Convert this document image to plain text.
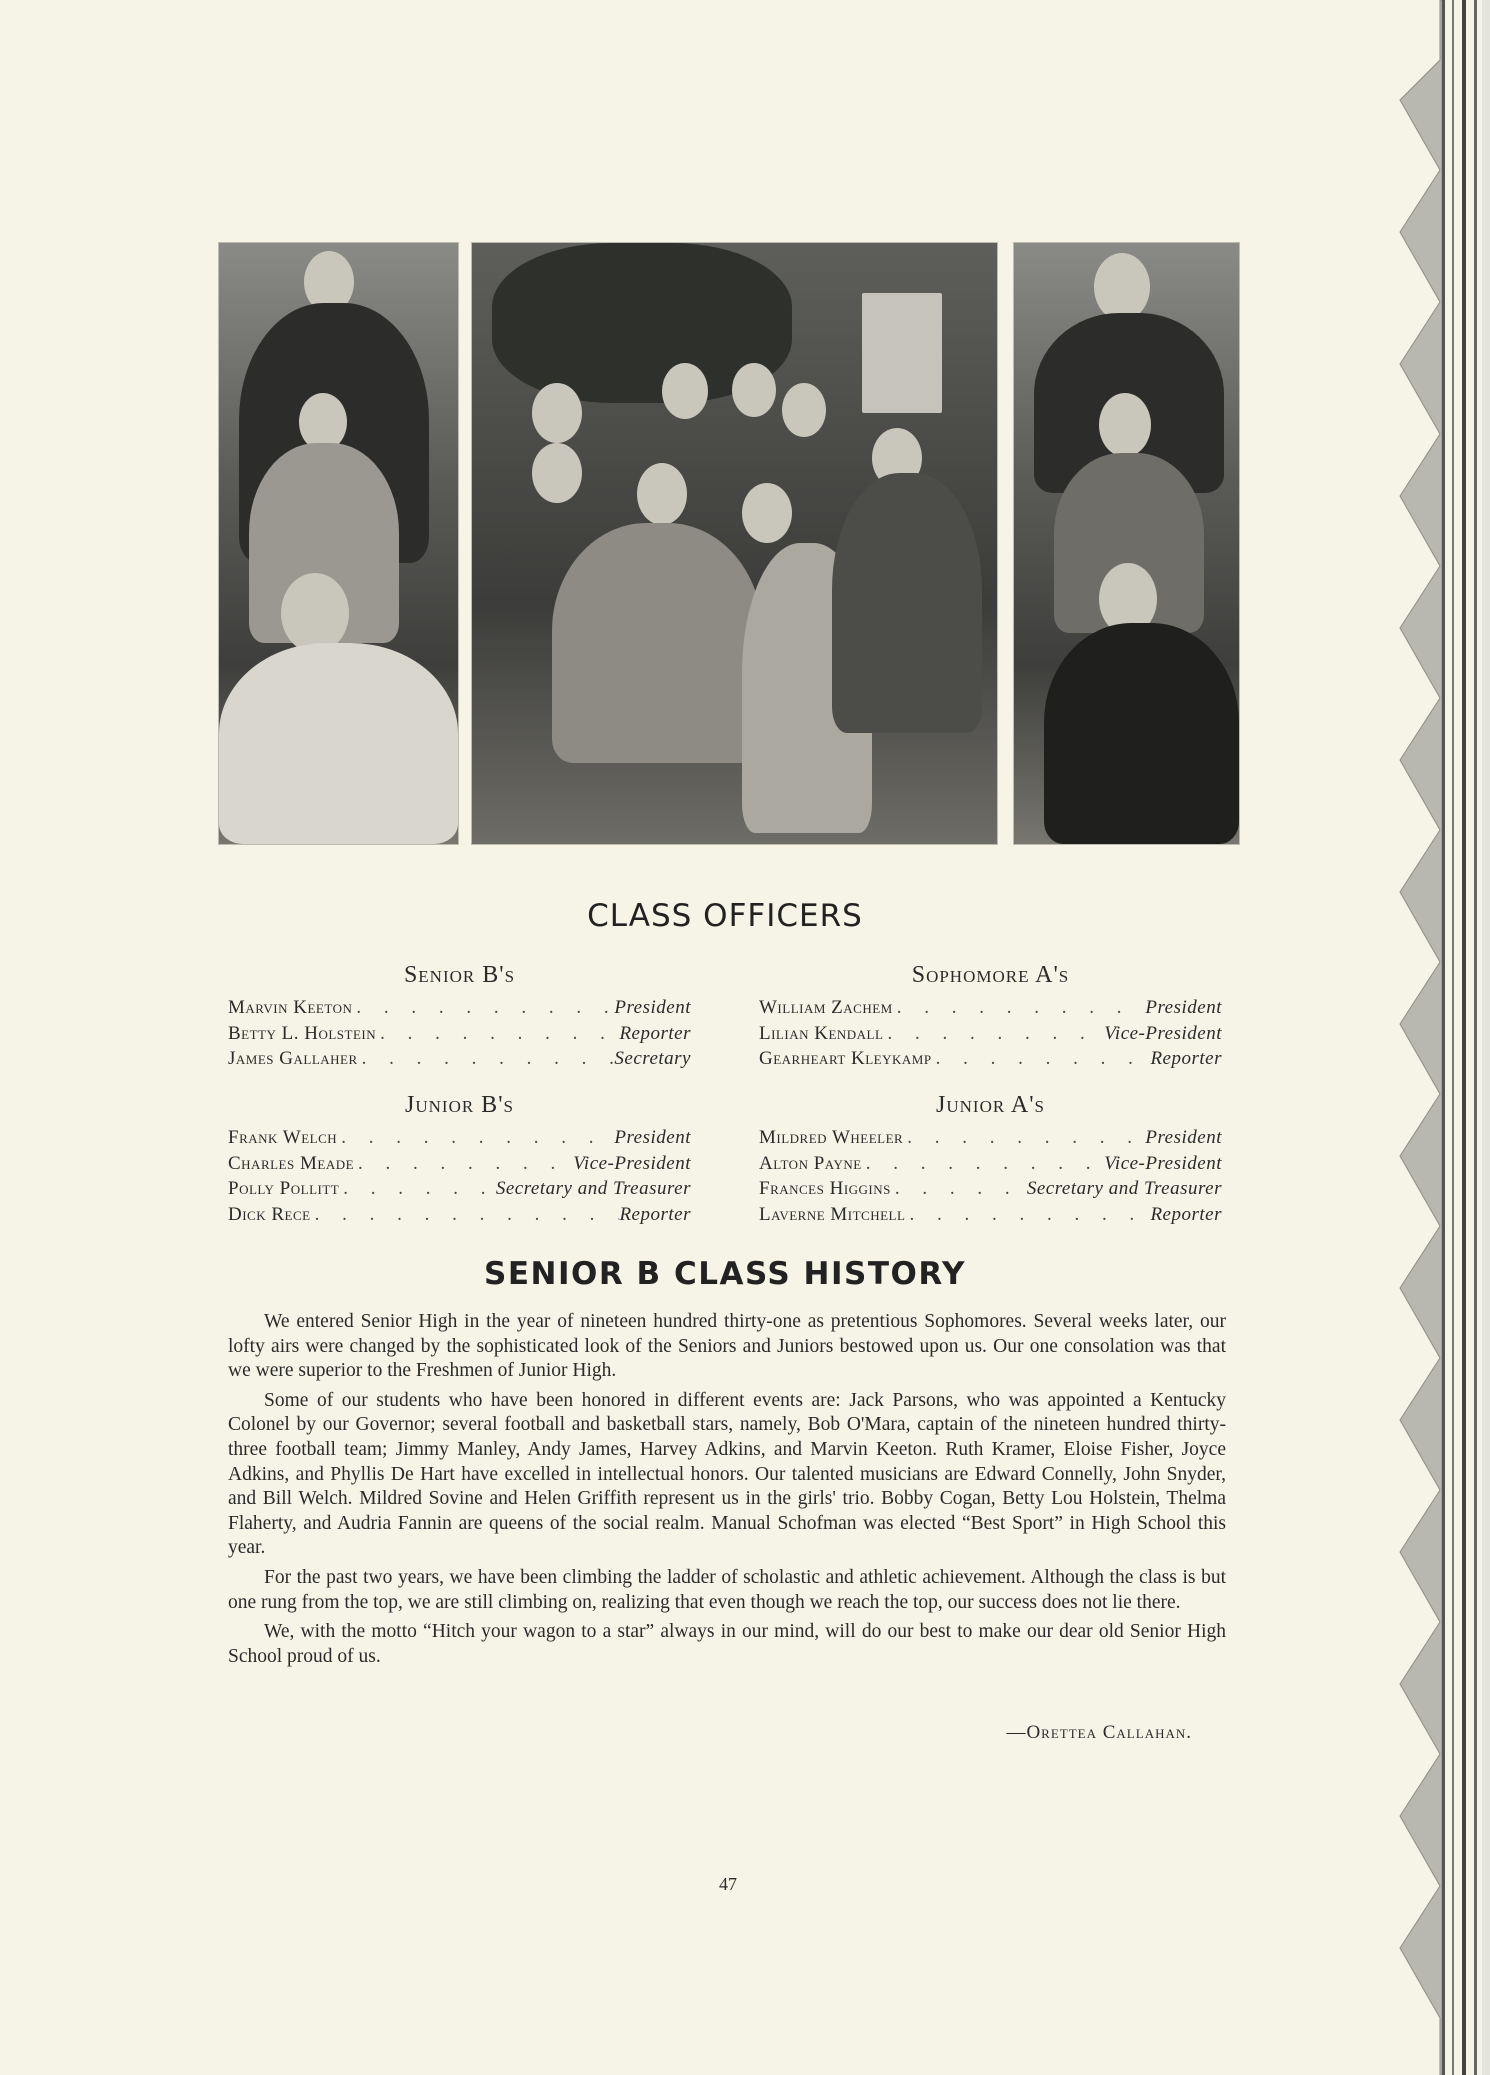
CLASS OFFICERS
Senior B's
Marvin Keeton . . .	President
Betty L. Holstein . . .	Reporter
James Gallaher . . .	Secretary
Sophomore A's
William Zachem . . .	President
Lilian Kendall . . .	Vice-President
Gearheart Kleykamp . . .	Reporter
Junior B's
Frank Welch . . .	President
Charles Meade . . .	Vice-President
Polly Pollitt . . .	Secretary and Treasurer
Dick Rece . . .	Reporter
Junior A's
Mildred Wheeler . . .	President
Alton Payne . . .	Vice-President
Frances Higgins . . .	Secretary and Treasurer
Laverne Mitchell . . .	Reporter
SENIOR B CLASS HISTORY

We entered Senior High in the year of nineteen hundred thirty-one as pretentious Sophomores. Several weeks later, our lofty airs were changed by the sophisticated look of the Seniors and Juniors bestowed upon us. Our one consolation was that we were superior to the Freshmen of Junior High.

Some of our students who have been honored in different events are: Jack Parsons, who was appointed a Kentucky Colonel by our Governor; several football and basketball stars, namely, Bob O'Mara, captain of the nineteen hundred thirty-three football team; Jimmy Manley, Andy James, Harvey Adkins, and Marvin Keeton. Ruth Kramer, Eloise Fisher, Joyce Adkins, and Phyllis De Hart have excelled in intellectual honors. Our talented musicians are Edward Connelly, John Snyder, and Bill Welch. Mildred Sovine and Helen Griffith represent us in the girls' trio. Bobby Cogan, Betty Lou Holstein, Thelma Flaherty, and Audria Fannin are queens of the social realm. Manual Schofman was elected “Best Sport” in High School this year.

For the past two years, we have been climbing the ladder of scholastic and athletic achievement. Although the class is but one rung from the top, we are still climbing on, realizing that even though we reach the top, our success does not lie there.

We, with the motto “Hitch your wagon to a star” always in our mind, will do our best to make our dear old Senior High School proud of us.

—Orettea Callahan.
47
